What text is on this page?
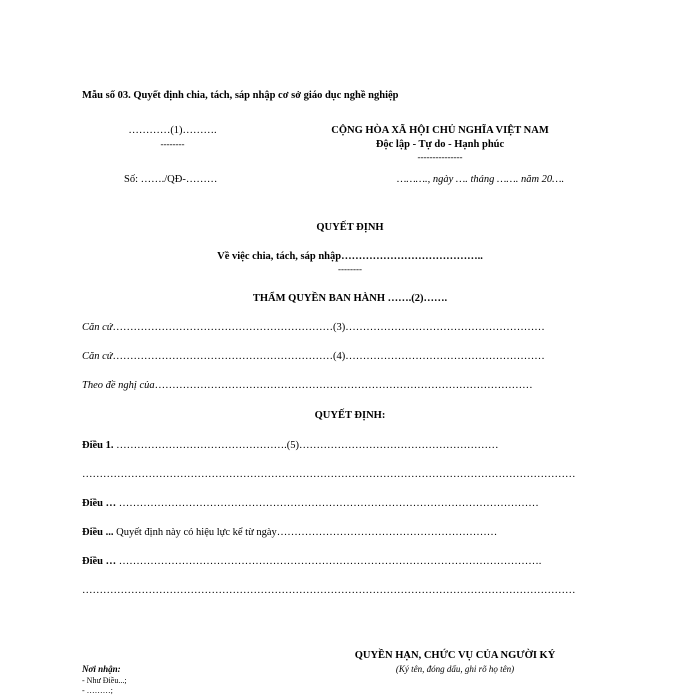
Mẫu số 03. Quyết định chia, tách, sáp nhập cơ sở giáo dục nghề nghiệp
…………(1)……….
--------
CỘNG HÒA XÃ HỘI CHỦ NGHĨA VIỆT NAM
Độc lập - Tự do - Hạnh phúc
---------------
Số: ……./QĐ-………	………., ngày …. tháng ……. năm 20….
QUYẾT ĐỊNH
Về việc chia, tách, sáp nhập…………………………………..
--------
THẨM QUYỀN BAN HÀNH …….(2)…….
Căn cứ………………………………………………………(3)…………………………………………………
Căn cứ………………………………………………………(4)…………………………………………………
Theo đề nghị của………………………………………………………………………………………………
QUYẾT ĐỊNH:
Điều 1. ………………………………………….(5)…………………………………………………
……………………………………………………………………………………………………………………………
Điều … …………………………………………………………………………………………………………
Điều ... Quyết định này có hiệu lực kể từ ngày………………………………………………………
Điều … ………………………………………………………………………………………………………….
……………………………………………………………………………………………………………………………
QUYỀN HẠN, CHỨC VỤ CỦA NGƯỜI KÝ
(Ký tên, đóng dấu, ghi rõ họ tên)
Nơi nhận:
- Như Điều...;
- ………;
